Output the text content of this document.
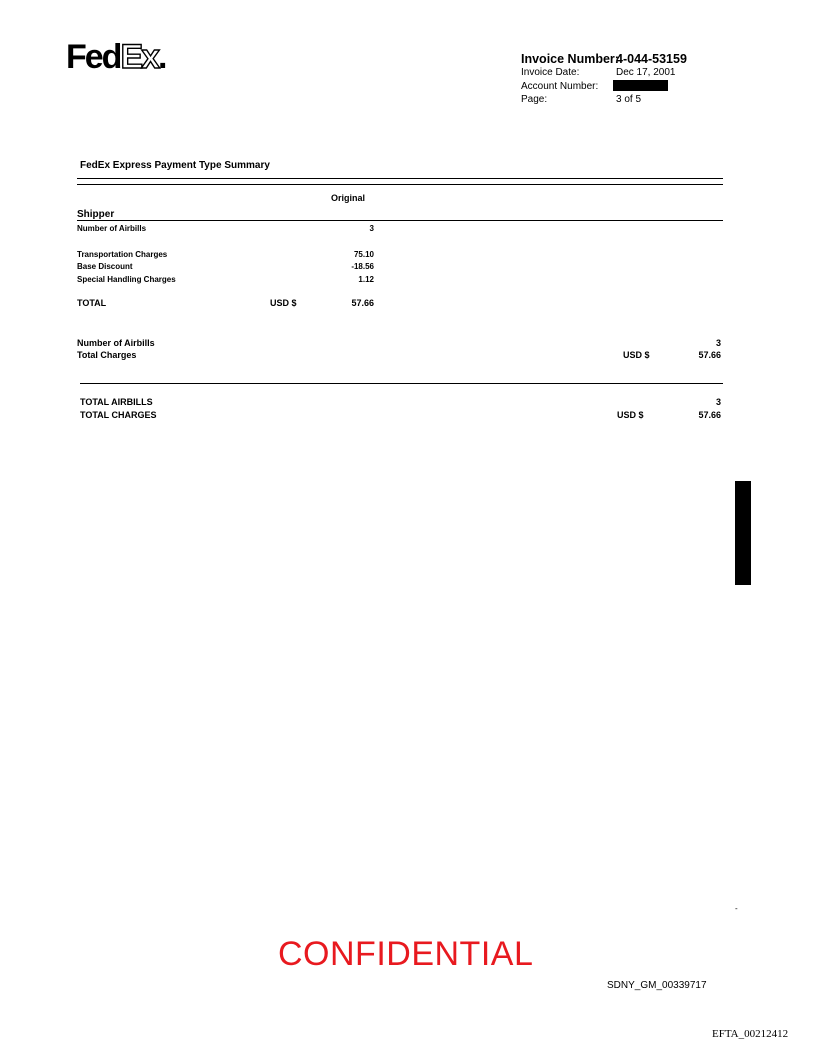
FedEx.	Invoice Number:
4-044-53159
Invoice Date:	Dec 17, 2001
Account Number:
Page:	3 of 5
FedEx Express Payment Type Summary
Original
Shipper
Number of Airbills	3
Transportation Charges	75.10
Base Discount	-18.56
Special Handling Charges	1.12
TOTAL	USD $	57.66
Number of Airbills	3
Total Charges	USD $	57.66
TOTAL AIRBILLS	3
TOTAL CHARGES	USD $	57.66
-
CONFIDENTIAL
SDNY_GM_00339717
EFTA_00212412
